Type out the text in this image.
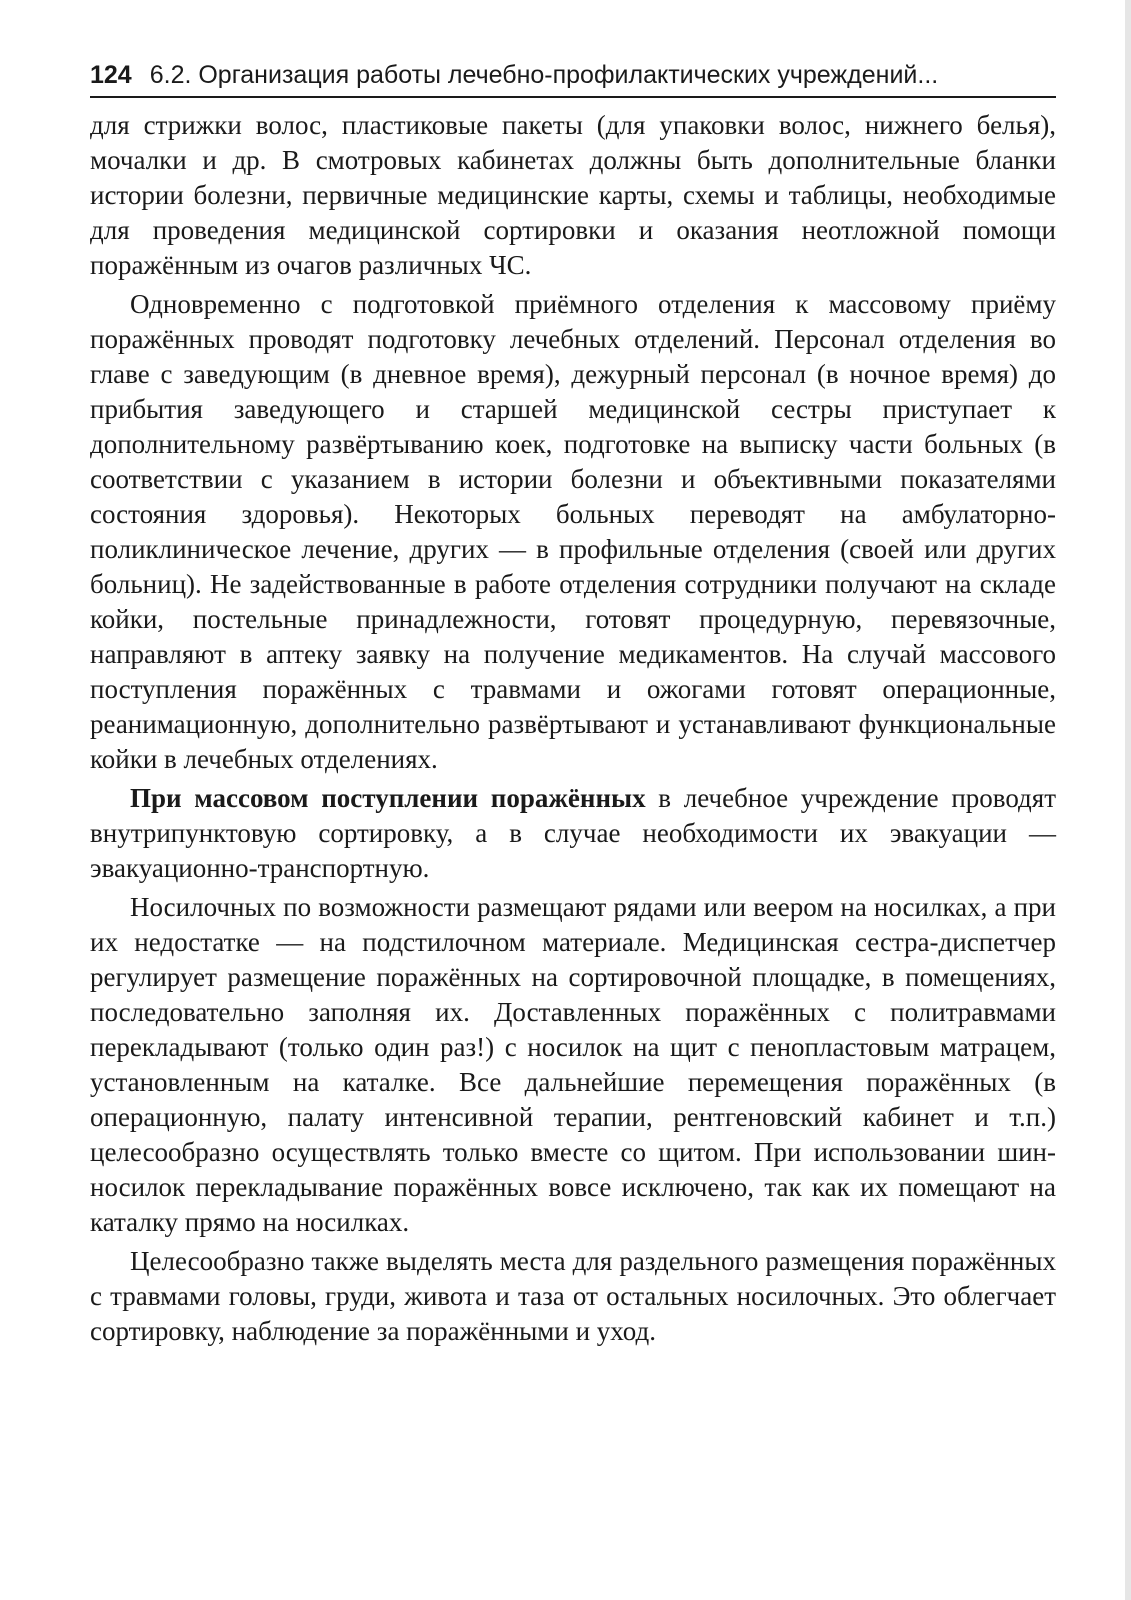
124 6.2. Организация работы лечебно-профилактических учреждений...

для стрижки волос, пластиковые пакеты (для упаковки волос, нижнего белья), мочалки и др. В смотровых кабинетах должны быть дополнительные бланки истории болезни, первичные медицинские карты, схемы и таблицы, необходимые для проведения медицинской сортировки и оказания неотложной помощи поражённым из очагов различных ЧС.

Одновременно с подготовкой приёмного отделения к массовому приёму поражённых проводят подготовку лечебных отделений. Персонал отделения во главе с заведующим (в дневное время), дежурный персонал (в ночное время) до прибытия заведующего и старшей медицинской сестры приступает к дополнительному развёртыванию коек, подготовке на выписку части больных (в соответствии с указанием в истории болезни и объективными показателями состояния здоровья). Некоторых больных переводят на амбулаторно-поликлиническое лечение, других — в профильные отделения (своей или других больниц). Не задействованные в работе отделения сотрудники получают на складе койки, постельные принадлежности, готовят процедурную, перевязочные, направляют в аптеку заявку на получение медикаментов. На случай массового поступления поражённых с травмами и ожогами готовят операционные, реанимационную, дополнительно развёртывают и устанавливают функциональные койки в лечебных отделениях.

При массовом поступлении поражённых в лечебное учреждение проводят внутрипунктовую сортировку, а в случае необходимости их эвакуации — эвакуационно-транспортную.

Носилочных по возможности размещают рядами или веером на носилках, а при их недостатке — на подстилочном материале. Медицинская сестра-диспетчер регулирует размещение поражённых на сортировочной площадке, в помещениях, последовательно заполняя их. Доставленных поражённых с политравмами перекладывают (только один раз!) с носилок на щит с пенопластовым матрацем, установленным на каталке. Все дальнейшие перемещения поражённых (в операционную, палату интенсивной терапии, рентгеновский кабинет и т.п.) целесообразно осуществлять только вместе со щитом. При использовании шин-носилок перекладывание поражённых вовсе исключено, так как их помещают на каталку прямо на носилках.

Целесообразно также выделять места для раздельного размещения поражённых с травмами головы, груди, живота и таза от остальных носилочных. Это облегчает сортировку, наблюдение за поражёнными и уход.
